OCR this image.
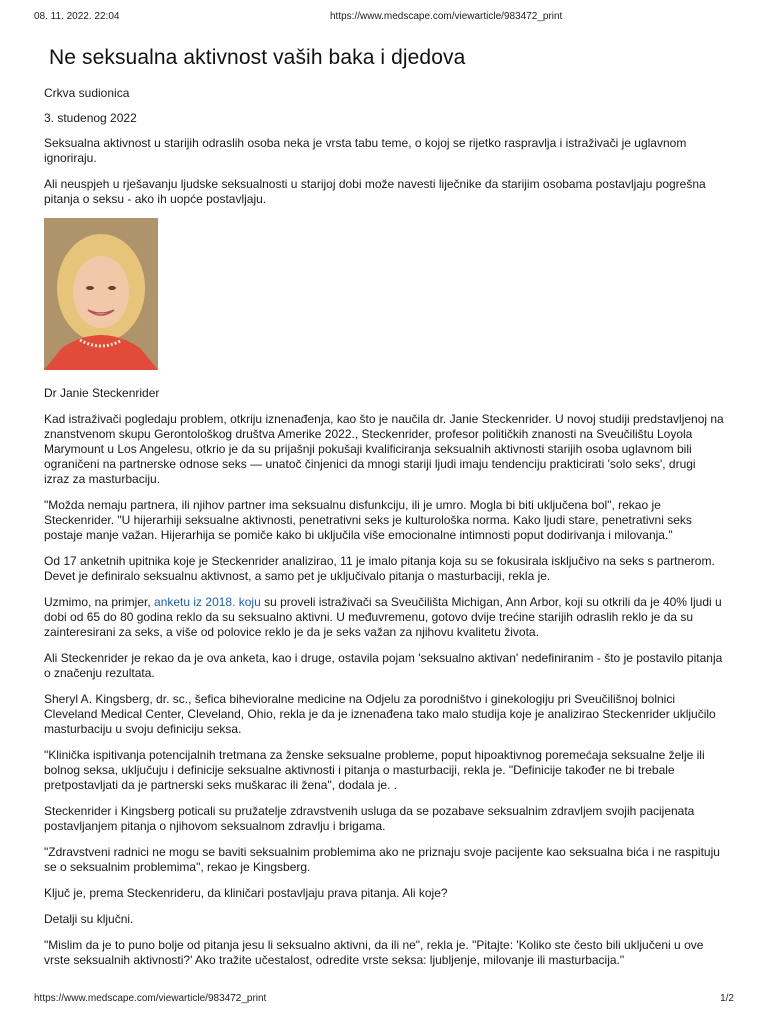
08. 11. 2022. 22:04	https://www.medscape.com/viewarticle/983472_print
Ne seksualna aktivnost vaših baka i djedova
Crkva sudionica
3. studenog 2022

Seksualna aktivnost u starijih odraslih osoba neka je vrsta tabu teme, o kojoj se rijetko raspravlja i istraživači je uglavnom ignoriraju.

Ali neuspjeh u rješavanju ljudske seksualnosti u starijoj dobi može navesti liječnike da starijim osobama postavljaju pogrešna pitanja o seksu - ako ih uopće postavljaju.

Dr Janie Steckenrider

Kad istraživači pogledaju problem, otkriju iznenađenja, kao što je naučila dr. Janie Steckenrider. U novoj studiji predstavljenoj na znanstvenom skupu Gerontološkog društva Amerike 2022., Steckenrider, profesor političkih znanosti na Sveučilištu Loyola Marymount u Los Angelesu, otkrio je da su prijašnji pokušaji kvalificiranja seksualnih aktivnosti starijih osoba uglavnom bili ograničeni na partnerske odnose seks — unatoč činjenici da mnogi stariji ljudi imaju tendenciju prakticirati 'solo seks', drugi izraz za masturbaciju.

"Možda nemaju partnera, ili njihov partner ima seksualnu disfunkciju, ili je umro. Mogla bi biti uključena bol", rekao je Steckenrider. "U hijerarhiji seksualne aktivnosti, penetrativni seks je kulturološka norma. Kako ljudi stare, penetrativni seks postaje manje važan. Hijerarhija se pomiče kako bi uključila više emocionalne intimnosti poput dodirivanja i milovanja."

Od 17 anketnih upitnika koje je Steckenrider analizirao, 11 je imalo pitanja koja su se fokusirala isključivo na seks s partnerom. Devet je definiralo seksualnu aktivnost, a samo pet je uključivalo pitanja o masturbaciji, rekla je.

Uzmimo, na primjer, anketu iz 2018. koju su proveli istraživači sa Sveučilišta Michigan, Ann Arbor, koji su otkrili da je 40% ljudi u dobi od 65 do 80 godina reklo da su seksualno aktivni. U međuvremenu, gotovo dvije trećine starijih odraslih reklo je da su zainteresirani za seks, a više od polovice reklo je da je seks važan za njihovu kvalitetu života.

Ali Steckenrider je rekao da je ova anketa, kao i druge, ostavila pojam 'seksualno aktivan' nedefiniranim - što je postavilo pitanja o značenju rezultata.

Sheryl A. Kingsberg, dr. sc., šefica bihevioralne medicine na Odjelu za porodništvo i ginekologiju pri Sveučilišnoj bolnici Cleveland Medical Center, Cleveland, Ohio, rekla je da je iznenađena tako malo studija koje je analizirao Steckenrider uključilo masturbaciju u svoju definiciju seksa.

"Klinička ispitivanja potencijalnih tretmana za ženske seksualne probleme, poput hipoaktivnog poremećaja seksualne želje ili bolnog seksa, uključuju i definicije seksualne aktivnosti i pitanja o masturbaciji, rekla je. "Definicije također ne bi trebale pretpostavljati da je partnerski seks muškarac ili žena", dodala je. .

Steckenrider i Kingsberg poticali su pružatelje zdravstvenih usluga da se pozabave seksualnim zdravljem svojih pacijenata postavljanjem pitanja o njihovom seksualnom zdravlju i brigama.

"Zdravstveni radnici ne mogu se baviti seksualnim problemima ako ne priznaju svoje pacijente kao seksualna bića i ne raspituju se o seksualnim problemima", rekao je Kingsberg.

Ključ je, prema Steckenrideru, da kliničari postavljaju prava pitanja. Ali koje?

Detalji su ključni.

"Mislim da je to puno bolje od pitanja jesu li seksualno aktivni, da ili ne", rekla je. "Pitajte: 'Koliko ste često bili uključeni u ove vrste seksualnih aktivnosti?' Ako tražite učestalost, odredite vrste seksa: ljubljenje, milovanje ili masturbacija."

https://www.medscape.com/viewarticle/983472_print	1/2
